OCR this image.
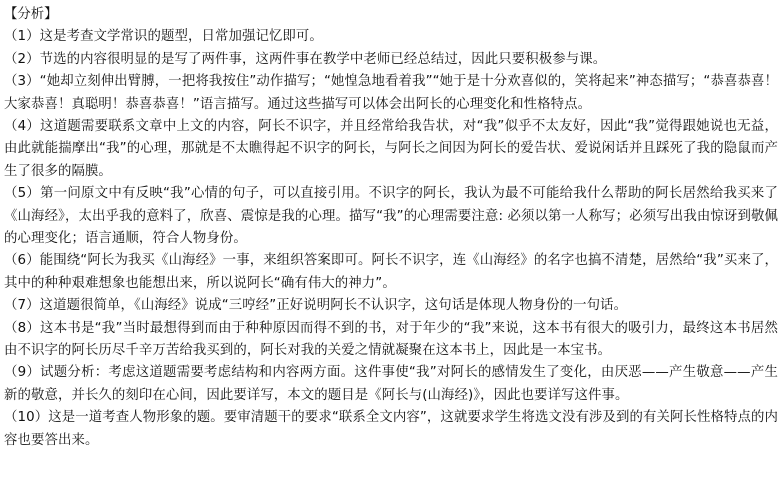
【分析】

（1）这是考查文学常识的题型，日常加强记忆即可。

（2）节选的内容很明显的是写了两件事，这两件事在教学中老师已经总结过，因此只要积极参与课。

（3）“她却立刻伸出臂膊，一把将我按住”动作描写；“她惶急地看着我”“她于是十分欢喜似的，笑将起来”神态描写；“恭喜恭喜！大家恭喜！真聪明！恭喜恭喜！”语言描写。通过这些描写可以体会出阿长的心理变化和性格特点。

（4）这道题需要联系文章中上文的内容，阿长不识字，并且经常给我告状，对“我”似乎不太友好，因此“我”觉得跟她说也无益，由此就能揣摩出“我”的心理，那就是不太瞧得起不识字的阿长，与阿长之间因为阿长的爱告状、爱说闲话并且踩死了我的隐鼠而产生了很多的隔膜。

（5）第一问原文中有反映“我”心情的句子，可以直接引用。不识字的阿长，我认为最不可能给我什么帮助的阿长居然给我买来了《山海经》，太出乎我的意料了，欣喜、震惊是我的心理。描写“我”的心理需要注意: 必须以第一人称写；必须写出我由惊讶到敬佩的心理变化；语言通顺，符合人物身份。

（6）能围绕“阿长为我买《山海经》一事，来组织答案即可。阿长不识字，连《山海经》的名字也搞不清楚，居然给“我”买来了，其中的种种艰难想象也能想出来，所以说阿长“确有伟大的神力”。

（7）这道题很简单，《山海经》说成“三哼经”正好说明阿长不认识字，这句话是体现人物身份的一句话。

（8）这本书是“我”当时最想得到而由于种种原因而得不到的书，对于年少的“我”来说，这本书有很大的吸引力，最终这本书居然由不识字的阿长历尽千辛万苦给我买到的，阿长对我的关爱之情就凝聚在这本书上，因此是一本宝书。

（9）试题分析：考虑这道题需要考虑结构和内容两方面。这件事使“我”对阿长的感情发生了变化，由厌恶——产生敬意——产生新的敬意，并长久的刻印在心间，因此要详写，本文的题目是《阿长与(山海经)》，因此也要详写这件事。

（10）这是一道考查人物形象的题。要审清题干的要求“联系全文内容”，这就要求学生将选文没有涉及到的有关阿长性格特点的内容也要答出来。
